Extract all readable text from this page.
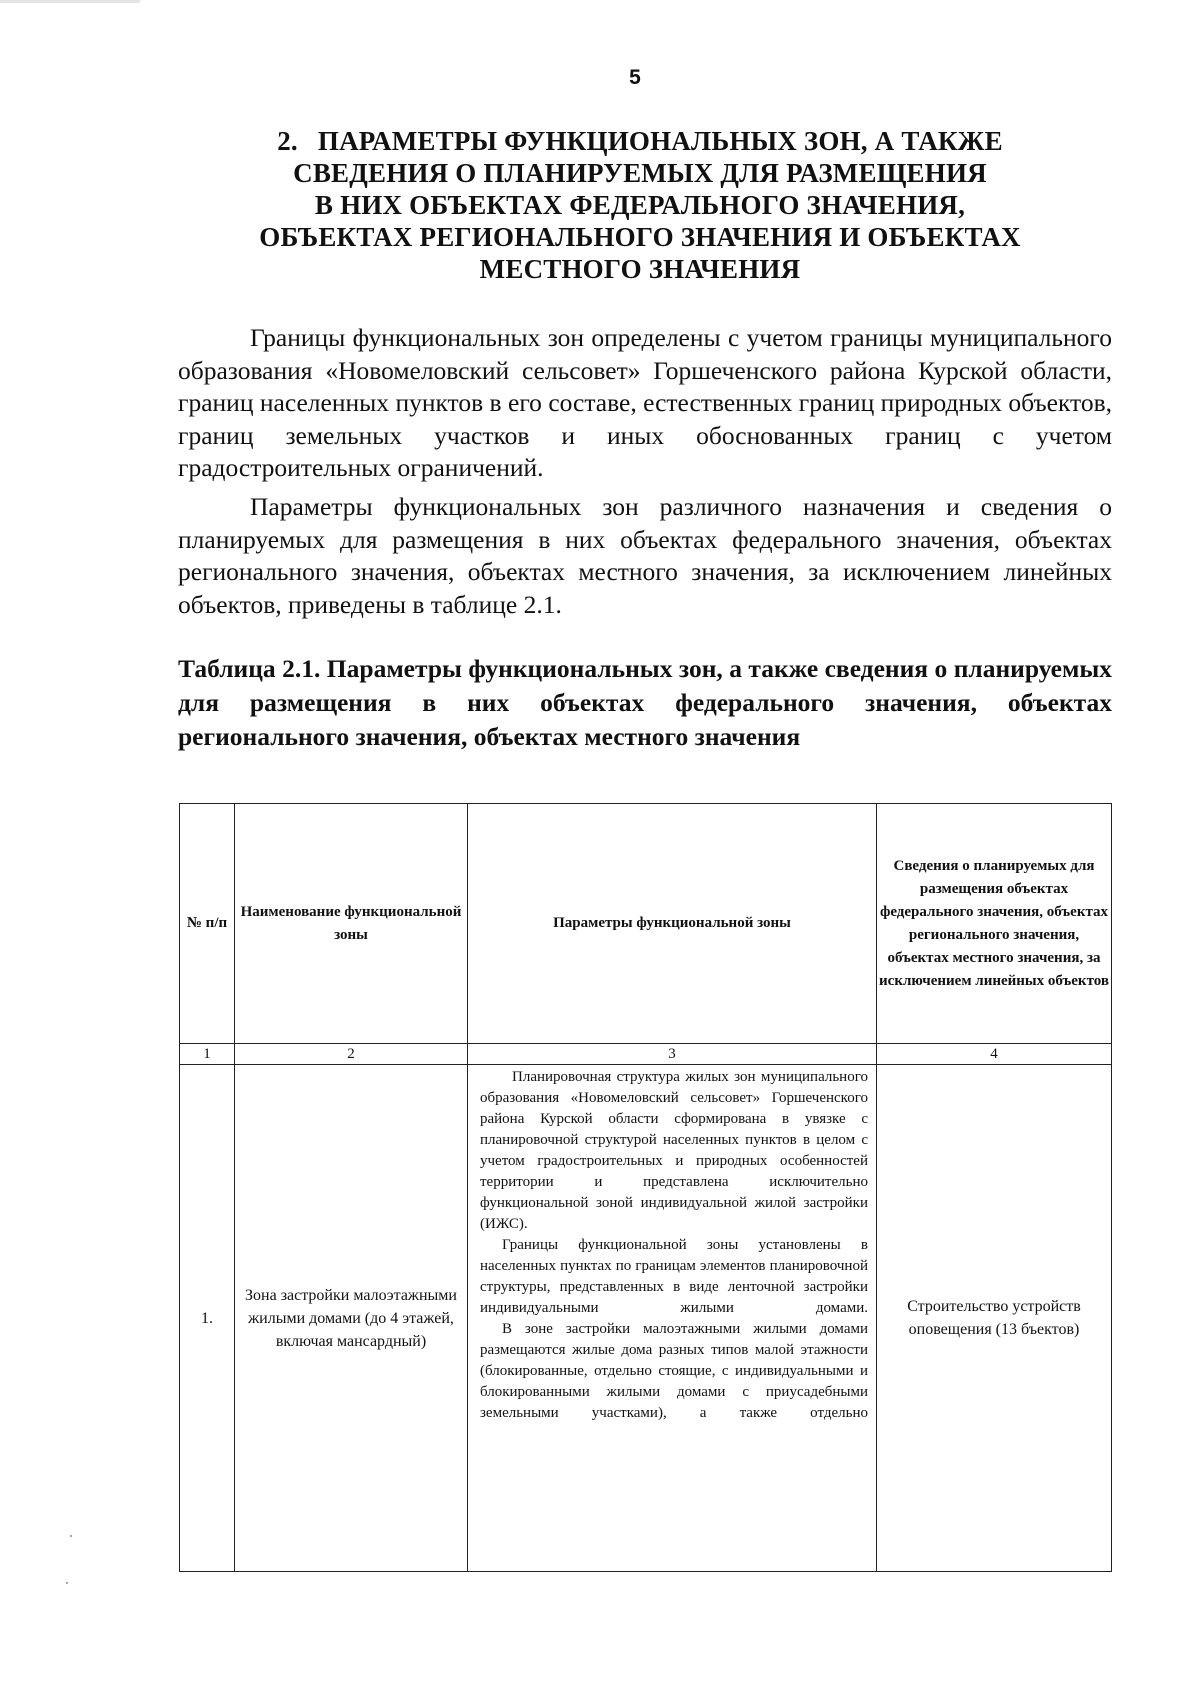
5
2. ПАРАМЕТРЫ ФУНКЦИОНАЛЬНЫХ ЗОН, А ТАКЖЕ
СВЕДЕНИЯ О ПЛАНИРУЕМЫХ ДЛЯ РАЗМЕЩЕНИЯ
В НИХ ОБЪЕКТАХ ФЕДЕРАЛЬНОГО ЗНАЧЕНИЯ,
ОБЪЕКТАХ РЕГИОНАЛЬНОГО ЗНАЧЕНИЯ И ОБЪЕКТАХ
МЕСТНОГО ЗНАЧЕНИЯ
Границы функциональных зон определены с учетом границы муниципального образования «Новомеловский сельсовет» Горшеченского района Курской области, границ населенных пунктов в его составе, естественных границ природных объектов, границ земельных участков и иных обоснованных границ с учетом градостроительных ограничений.
Параметры функциональных зон различного назначения и сведения о планируемых для размещения в них объектах федерального значения, объектах регионального значения, объектах местного значения, за исключением линейных объектов, приведены в таблице 2.1.
Таблица 2.1. Параметры функциональных зон, а также сведения о планируемых для размещения в них объектах федерального значения, объектах регионального значения, объектах местного значения
№ п/п	Наименование функциональной зоны	Параметры функциональной зоны	Сведения о планируемых для размещения объектах федерального значения, объектах регионального значения, объектах местного значения, за исключением линейных объектов
1	2	3	4
1.	Зона застройки малоэтажными жилыми домами (до 4 этажей, включая мансардный)	Планировочная структура жилых зон муниципального образования «Новомеловский сельсовет» Горшеченского района Курской области сформирована в увязке с планировочной структурой населенных пунктов в целом с учетом градостроительных и природных особенностей территории и представлена исключительно функциональной зоной индивидуальной жилой застройки (ИЖС).

Границы функциональной зоны установлены в населенных пунктах по границам элементов планировочной структуры, представленных в виде ленточной застройки индивидуальными жилыми домами.

В зоне застройки малоэтажными жилыми домами размещаются жилые дома разных типов малой этажности (блокированные, отдельно стоящие, с индивидуальными и блокированными жилыми домами с приусадебными земельными участками), а также отдельно	Строительство устройств оповещения (13 бъектов)
